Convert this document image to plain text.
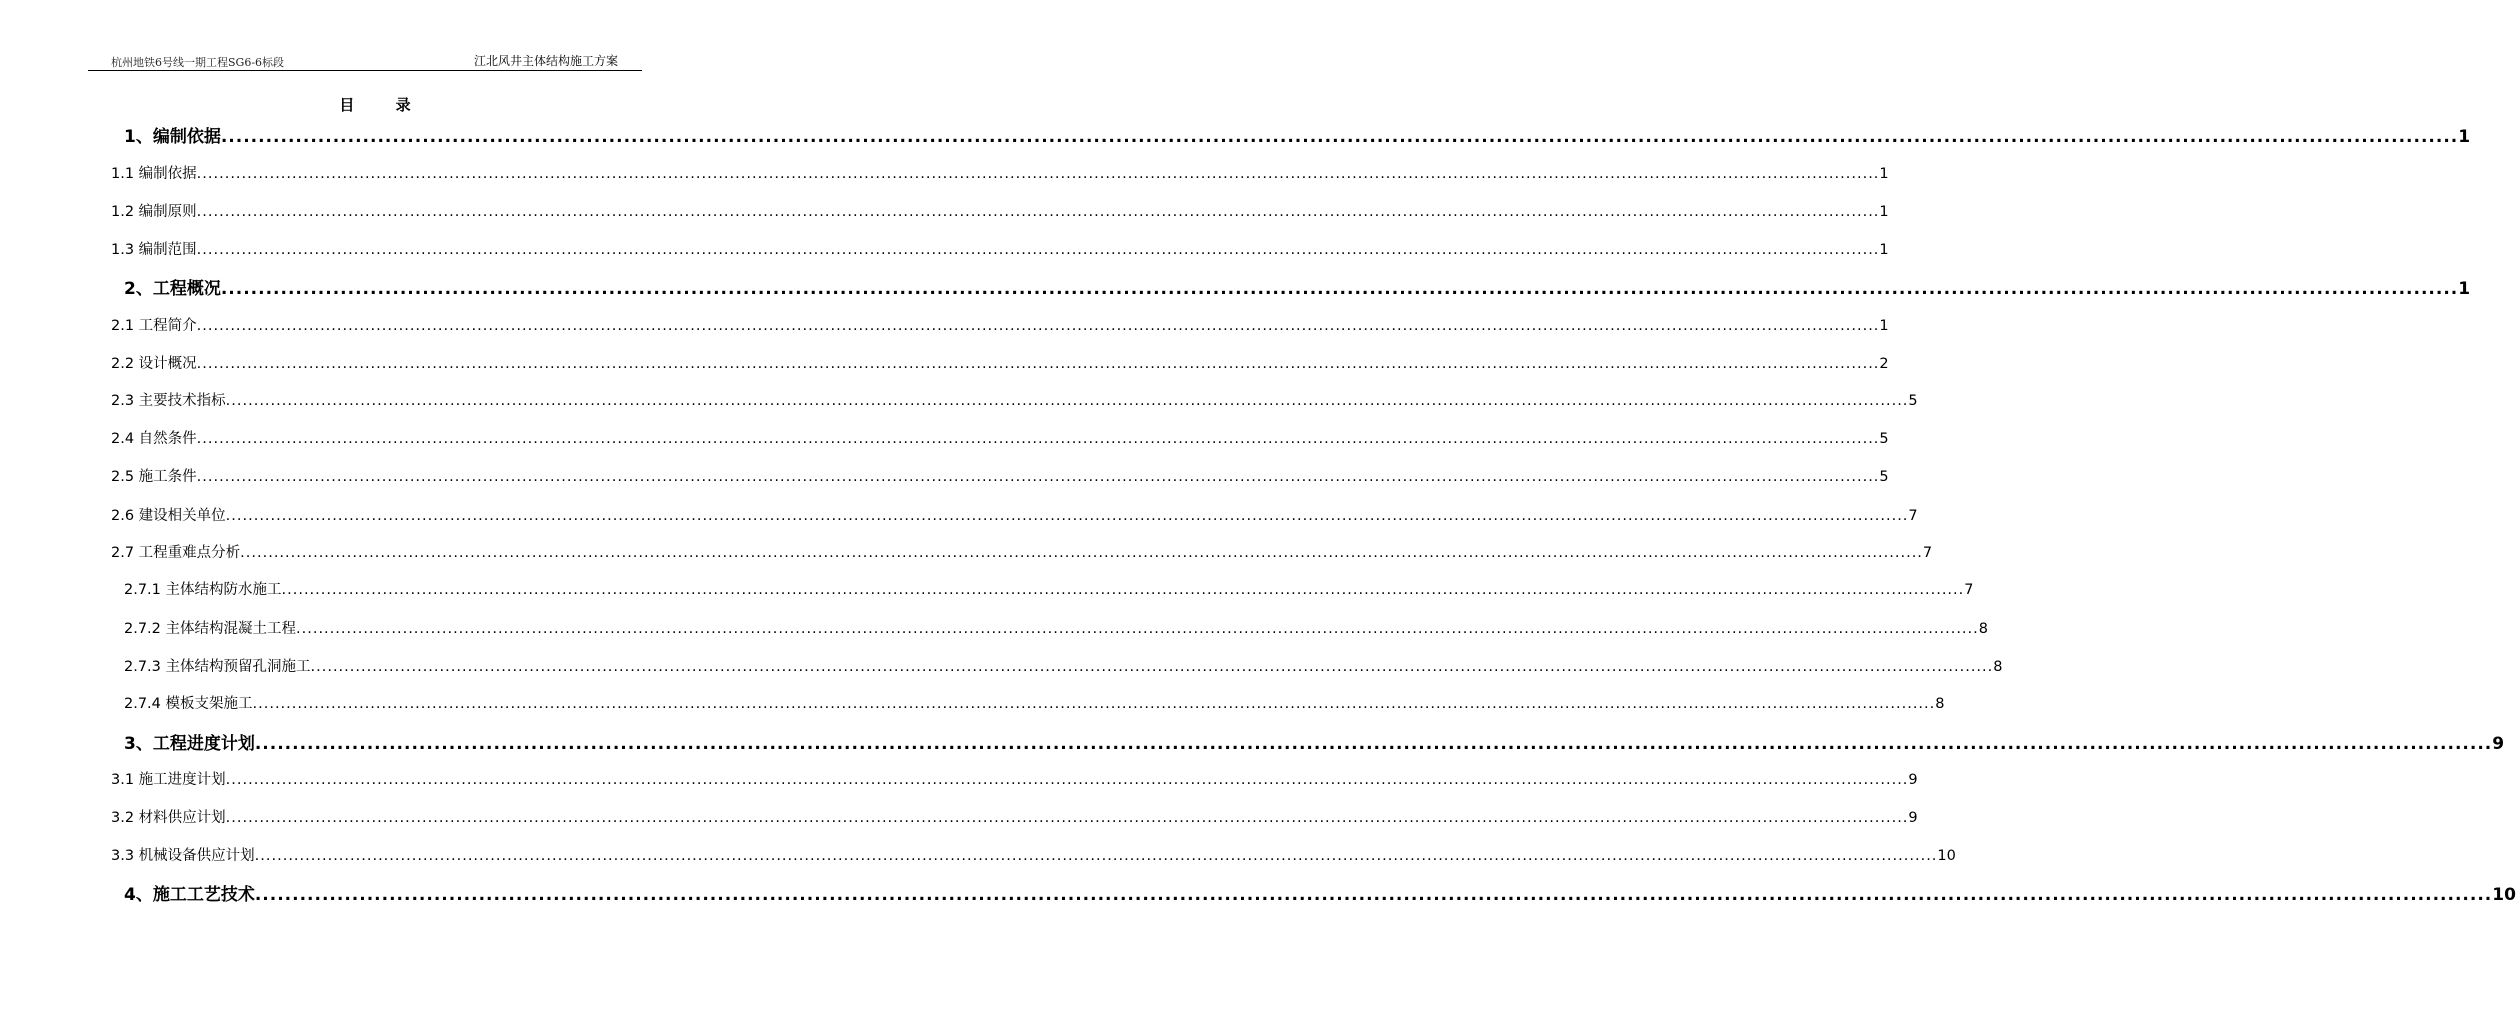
杭州地铁6号线一期工程SG6-6标段	江北风井主体结构施工方案
目 录
1、编制依据 ............................................................................................................................................................................................................................................................................................................ 1
1.1 编制依据 ............................................................................................................................................................................................................................................................................................................ 1
1.2 编制原则 ............................................................................................................................................................................................................................................................................................................ 1
1.3 编制范围 ............................................................................................................................................................................................................................................................................................................ 1
2、工程概况 ............................................................................................................................................................................................................................................................................................................ 1
2.1 工程简介 ............................................................................................................................................................................................................................................................................................................ 1
2.2 设计概况 ............................................................................................................................................................................................................................................................................................................ 2
2.3 主要技术指标 ............................................................................................................................................................................................................................................................................................................ 5
2.4 自然条件 ............................................................................................................................................................................................................................................................................................................ 5
2.5 施工条件 ............................................................................................................................................................................................................................................................................................................ 5
2.6 建设相关单位 ............................................................................................................................................................................................................................................................................................................ 7
2.7 工程重难点分析 ............................................................................................................................................................................................................................................................................................................ 7
2.7.1 主体结构防水施工 ............................................................................................................................................................................................................................................................................................................ 7
2.7.2 主体结构混凝土工程 ............................................................................................................................................................................................................................................................................................................ 8
2.7.3 主体结构预留孔洞施工 ............................................................................................................................................................................................................................................................................................................ 8
2.7.4 模板支架施工 ............................................................................................................................................................................................................................................................................................................ 8
3、工程进度计划 ............................................................................................................................................................................................................................................................................................................ 9
3.1 施工进度计划 ............................................................................................................................................................................................................................................................................................................ 9
3.2 材料供应计划 ............................................................................................................................................................................................................................................................................................................ 9
3.3 机械设备供应计划 ............................................................................................................................................................................................................................................................................................................ 10
4、施工工艺技术 ............................................................................................................................................................................................................................................................................................................ 10
